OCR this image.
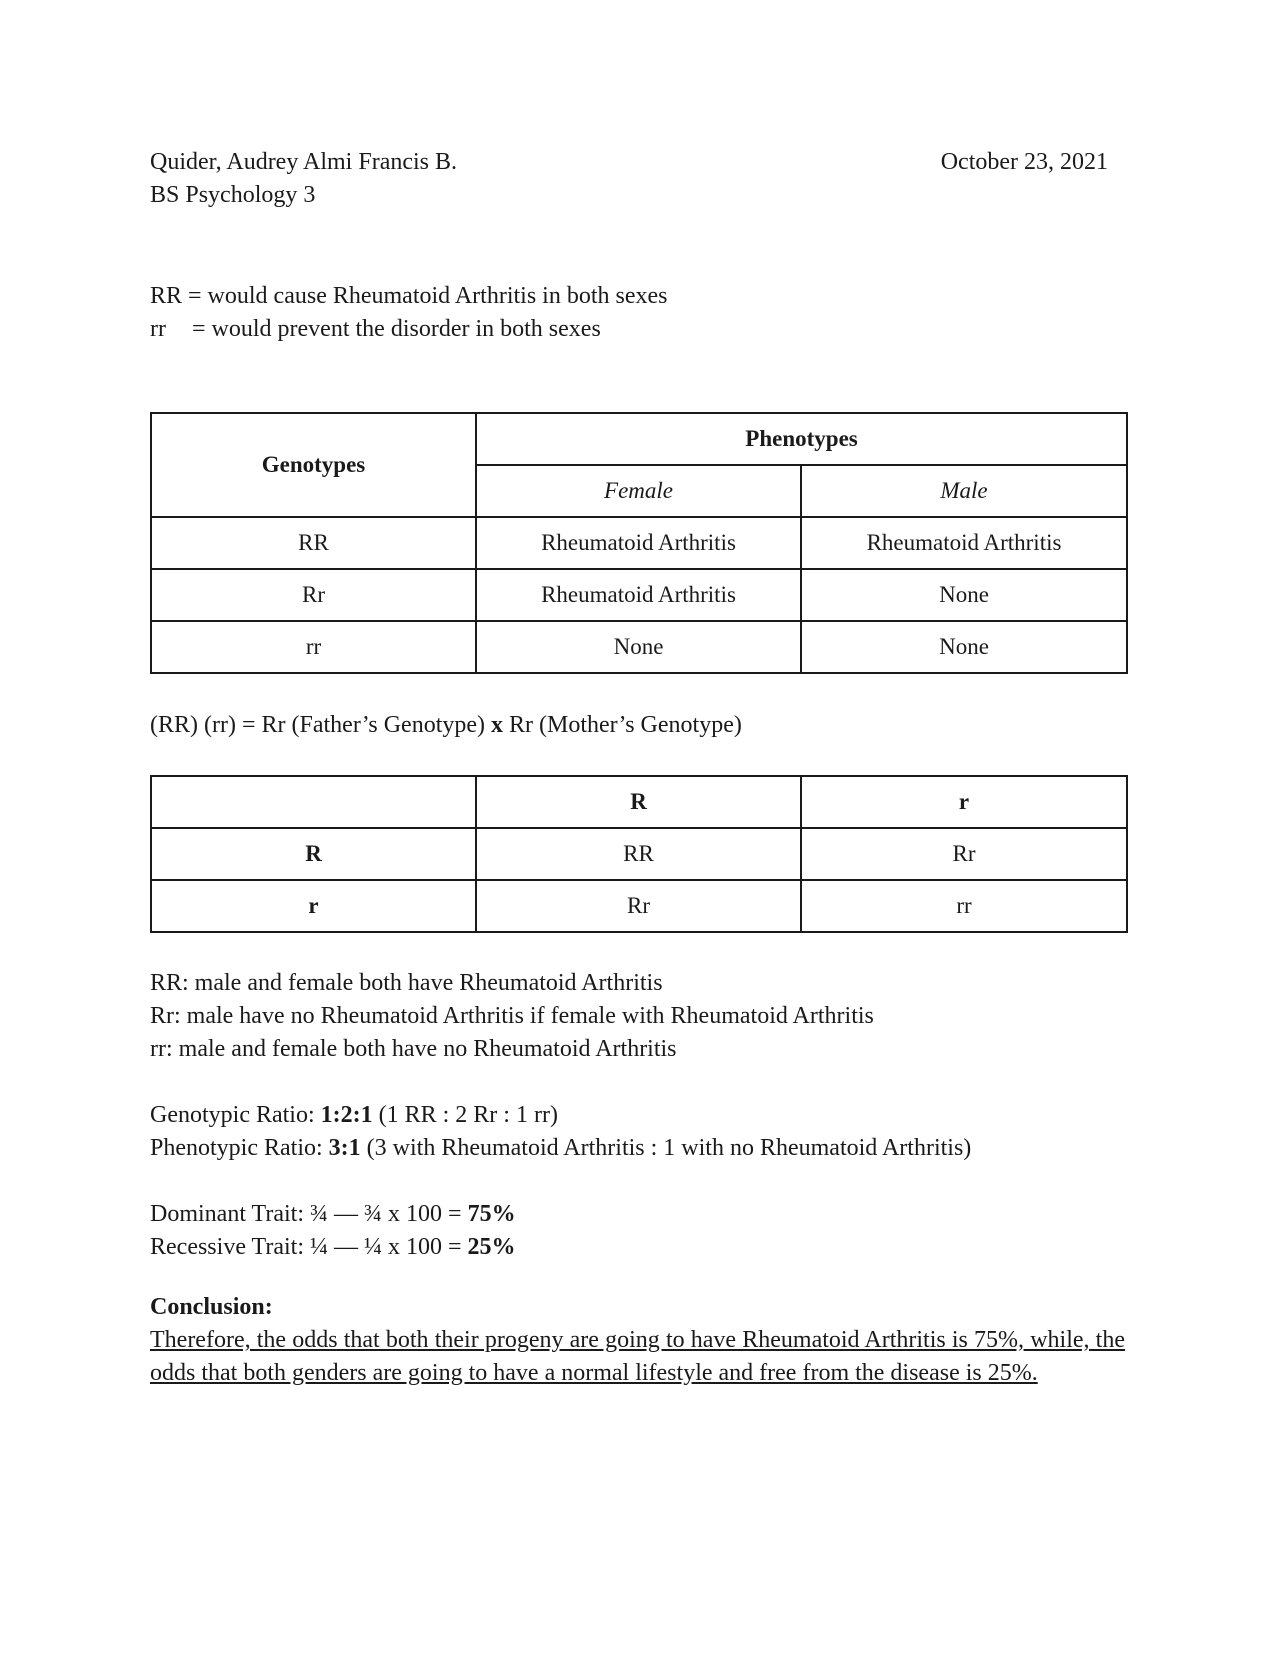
Quider, Audrey Almi Francis B.
BS Psychology 3
October 23, 2021
RR = would cause Rheumatoid Arthritis in both sexes
rr = would prevent the disorder in both sexes
Genotypes	Phenotypes	
	Female	Male
RR	Rheumatoid Arthritis	Rheumatoid Arthritis
Rr	Rheumatoid Arthritis	None
rr	None	None
(RR) (rr) = Rr (Father’s Genotype) x Rr (Mother’s Genotype)
	R	r
R	RR	Rr
r	Rr	rr
RR: male and female both have Rheumatoid Arthritis
Rr: male have no Rheumatoid Arthritis if female with Rheumatoid Arthritis
rr: male and female both have no Rheumatoid Arthritis
Genotypic Ratio: 1:2:1 (1 RR : 2 Rr : 1 rr)
Phenotypic Ratio: 3:1 (3 with Rheumatoid Arthritis : 1 with no Rheumatoid Arthritis)
Dominant Trait: ¾ — ¾ x 100 = 75%
Recessive Trait: ¼ — ¼ x 100 = 25%
Conclusion:
Therefore, the odds that both their progeny are going to have Rheumatoid Arthritis is 75%, while, the odds that both genders are going to have a normal lifestyle and free from the disease is 25%.
